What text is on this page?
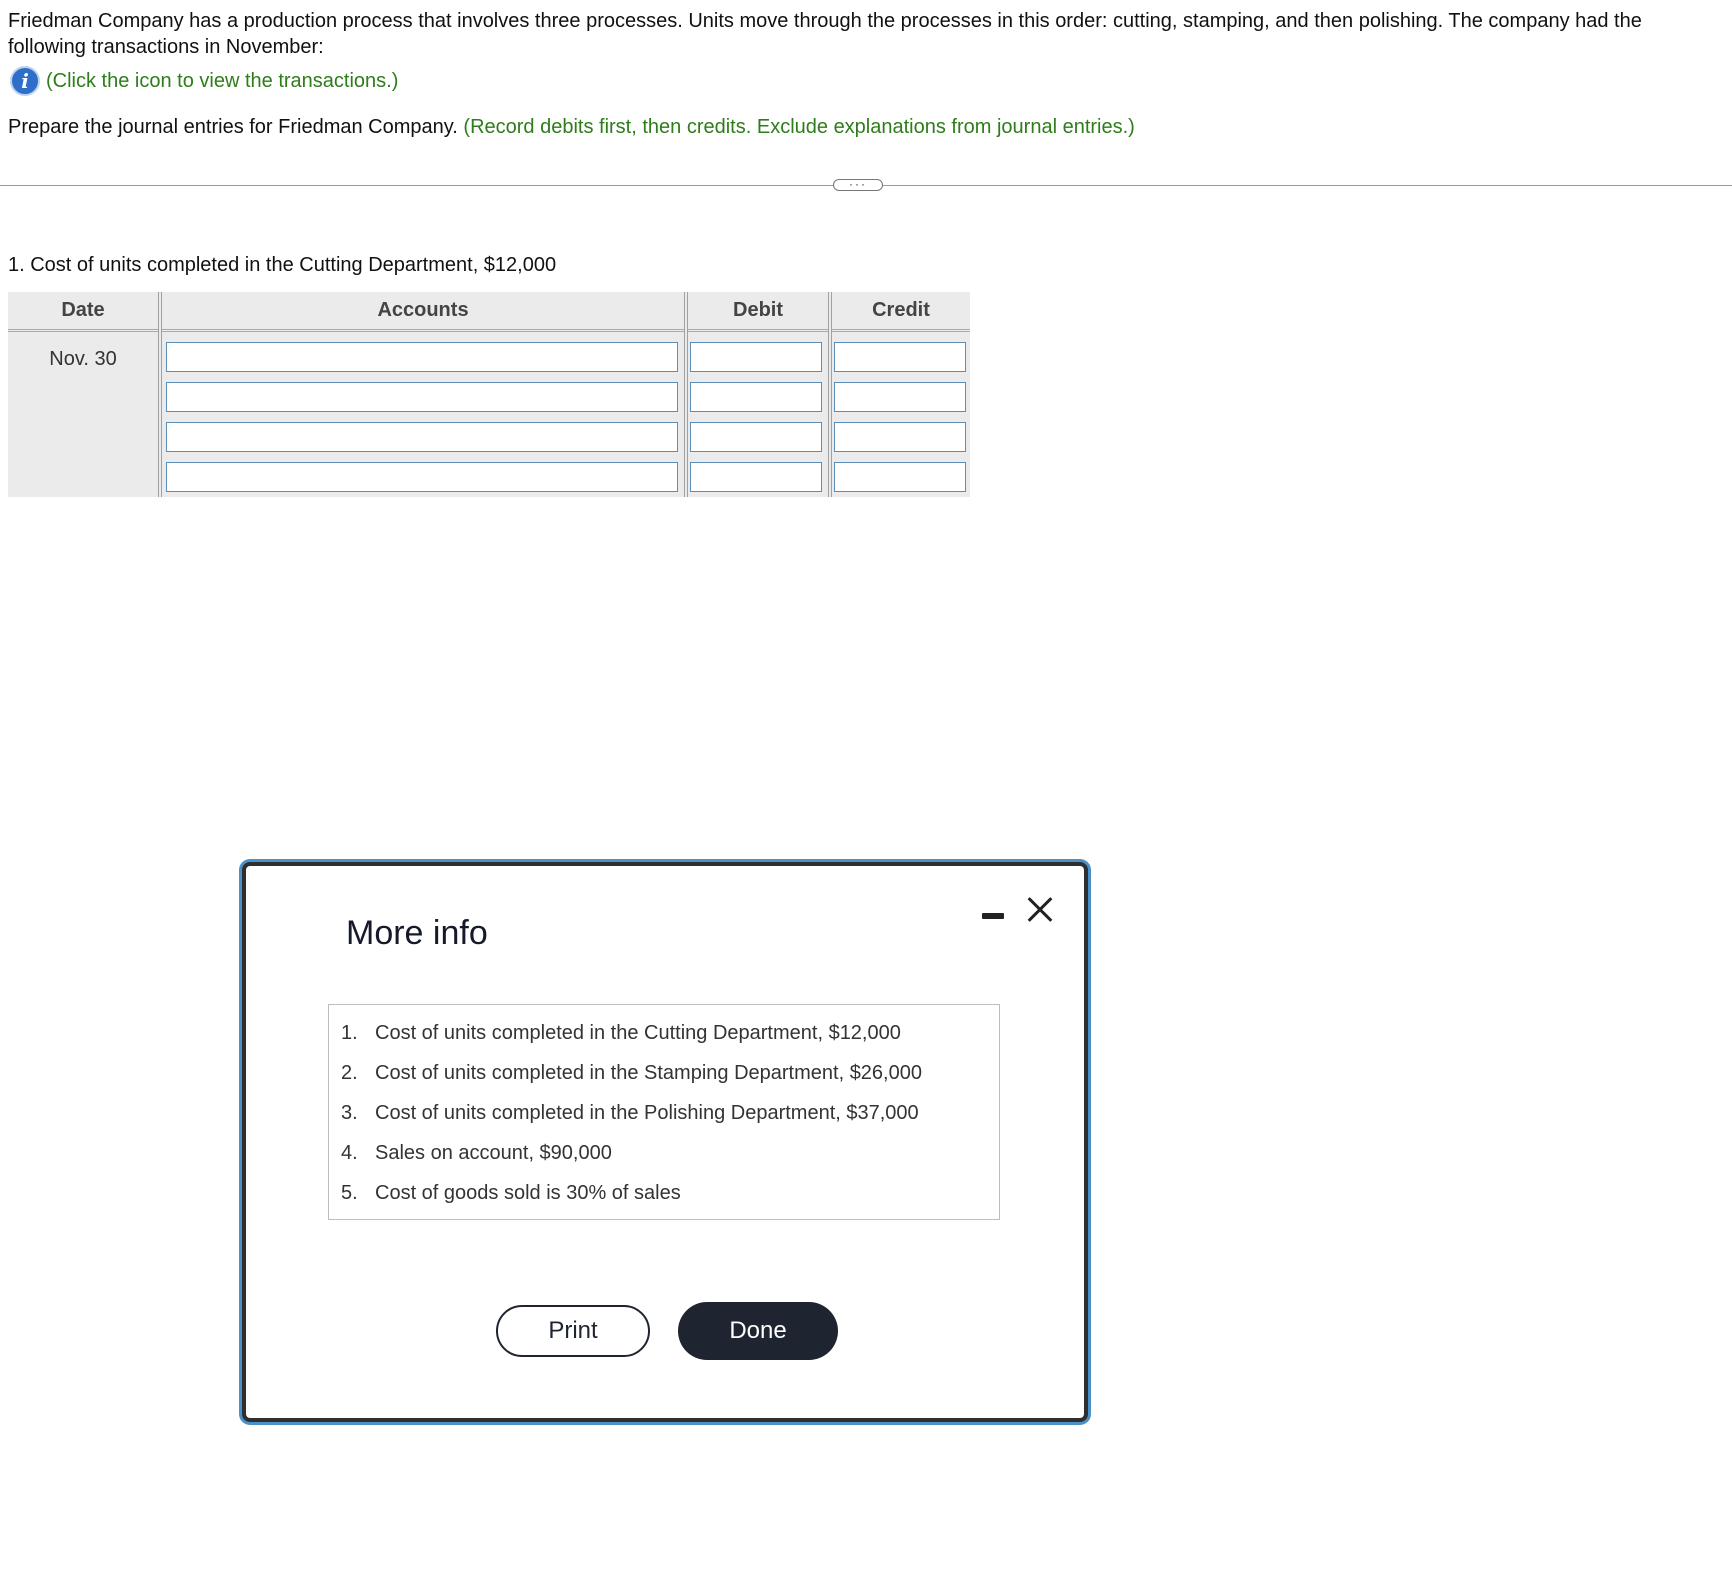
Friedman Company has a production process that involves three processes. Units move through the processes in this order: cutting, stamping, and then polishing. The company had the following transactions in November:

i (Click the icon to view the transactions.)

Prepare the journal entries for Friedman Company. (Record debits first, then credits. Exclude explanations from journal entries.)

···

1. Cost of units completed in the Cutting Department, $12,000

Date	Accounts	Debit	Credit
Nov. 30
More info
1. Cost of units completed in the Cutting Department, $12,000
2. Cost of units completed in the Stamping Department, $26,000
3. Cost of units completed in the Polishing Department, $37,000
4. Sales on account, $90,000
5. Cost of goods sold is 30% of sales
Print	Done
